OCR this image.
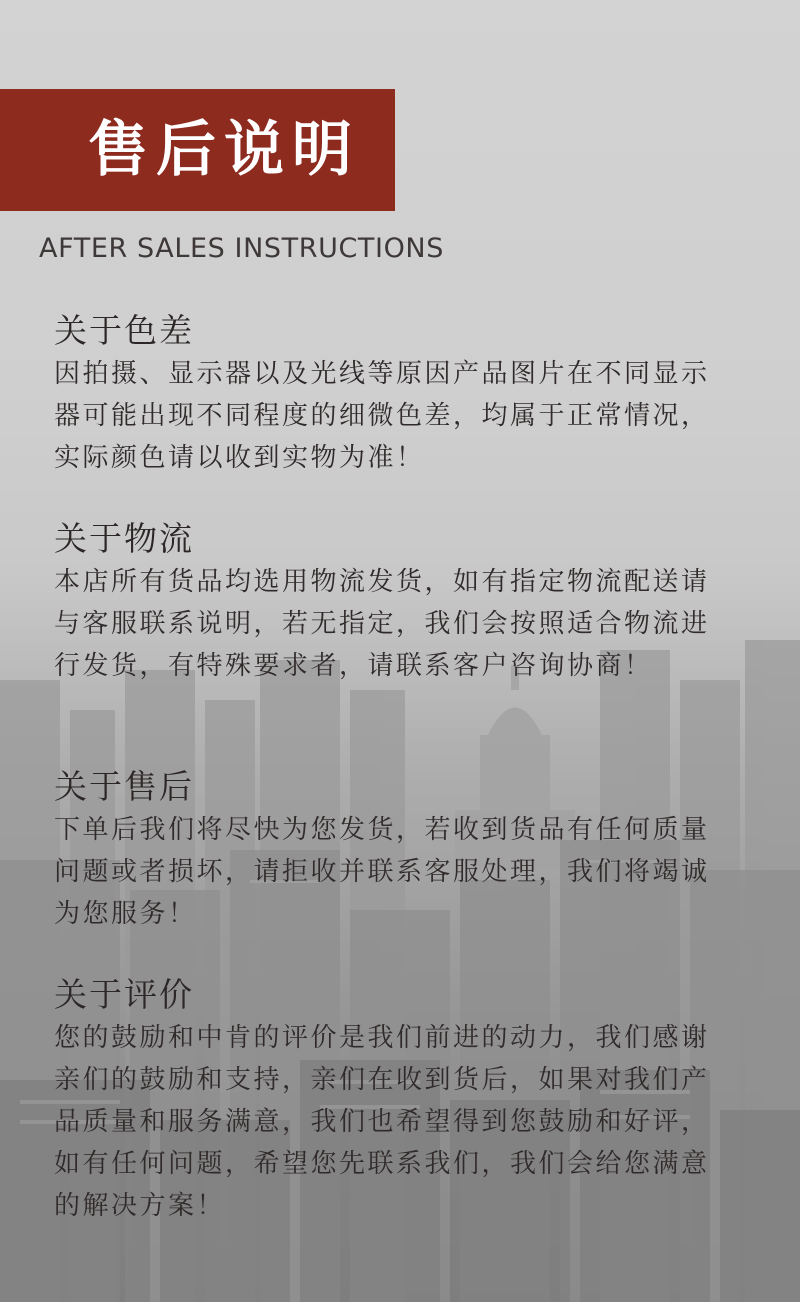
售后说明
AFTER SALES INSTRUCTIONS
关于色差
因拍摄、显示器以及光线等原因产品图片在不同显示器可能出现不同程度的细微色差，均属于正常情况，实际颜色请以收到实物为准！
关于物流
本店所有货品均选用物流发货，如有指定物流配送请与客服联系说明，若无指定，我们会按照适合物流进行发货，有特殊要求者，请联系客户咨询协商！
关于售后
下单后我们将尽快为您发货，若收到货品有任何质量问题或者损坏，请拒收并联系客服处理，我们将竭诚为您服务！
关于评价
您的鼓励和中肯的评价是我们前进的动力，我们感谢亲们的鼓励和支持，亲们在收到货后，如果对我们产品质量和服务满意，我们也希望得到您鼓励和好评，如有任何问题，希望您先联系我们，我们会给您满意的解决方案！
